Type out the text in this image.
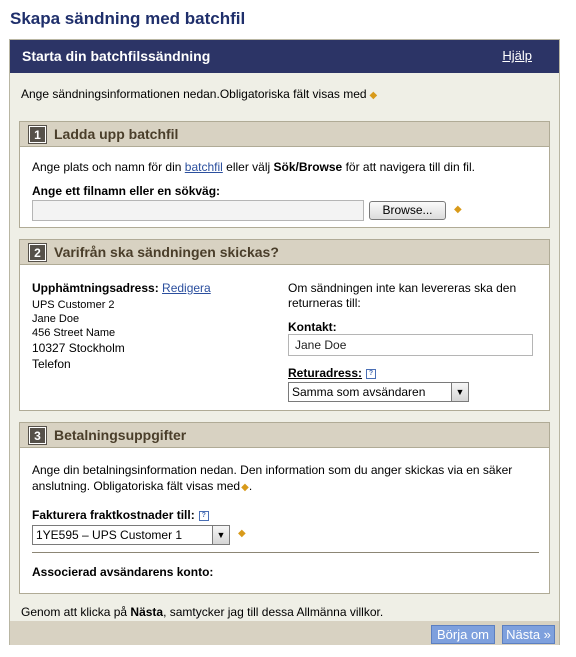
Skapa sändning med batchfil
Starta din batchfilssändning	Hjälp
Ange sändningsinformationen nedan.Obligatoriska fält visas med ◆
1 Ladda upp batchfil
Ange plats och namn för din batchfil eller välj Sök/Browse för att navigera till din fil.
Ange ett filnamn eller en sökväg:
Browse...	◆
2 Varifrån ska sändningen skickas?
Upphämtningsadress: Redigera
UPS Customer 2
Jane Doe
456 Street Name
10327 Stockholm
Telefon
Om sändningen inte kan levereras ska den returneras till:
Kontakt:
Jane Doe
Returadress: ?
Samma som avsändaren	▼
3 Betalningsuppgifter
Ange din betalningsinformation nedan. Den information som du anger skickas via en säker anslutning. Obligatoriska fält visas med◆.
Fakturera fraktkostnader till: ?
1YE595 – UPS Customer 1	▼	◆
Associerad avsändarens konto:
Genom att klicka på Nästa, samtycker jag till dessa Allmänna villkor.
Börja om	Nästa »
